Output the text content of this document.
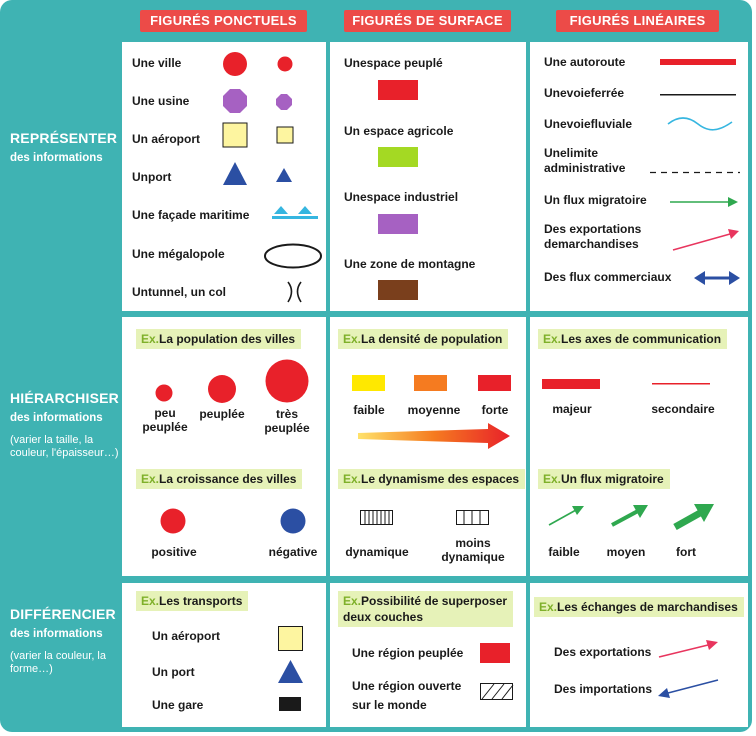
FIGURÉS PONCTUELS	FIGURÉS DE SURFACE	FIGURÉS LINÉAIRES
REPRÉSENTER
des informations
HIÉRARCHISER
des informations
(varier la taille, la couleur, l'épaisseur…)
DIFFÉRENCIER
des informations
(varier la couleur, la forme…)
Une ville
Une usine
Un aéroport
Unport
Une façade maritime
Une mégalopole
Untunnel, un col
Unespace peuplé
Un espace agricole
Unespace industriel
Une zone de montagne
Une autoroute
Unevoieferrée
Unevoiefluviale
Unelimite
administrative
Un flux migratoire
Des exportations
demarchandises
Des flux commerciaux
Ex.La population des villes
peu
peuplée
peuplée	très
peuplée
Ex.La croissance des villes
positive	négative
Ex.La densité de population
faible	moyenne	forte
Ex.Le dynamisme des espaces
dynamique
moins
dynamique
Ex.Les axes de communication
majeur	secondaire
Ex.Un flux migratoire
faible	moyen	fort
Ex.Les transports
Un aéroport
Un port
Une gare
Ex.Possibilité de superposer
deux couches
Une région peuplée
Une région ouverte
sur le monde
Ex.Les échanges de marchandises
Des exportations
Des importations
